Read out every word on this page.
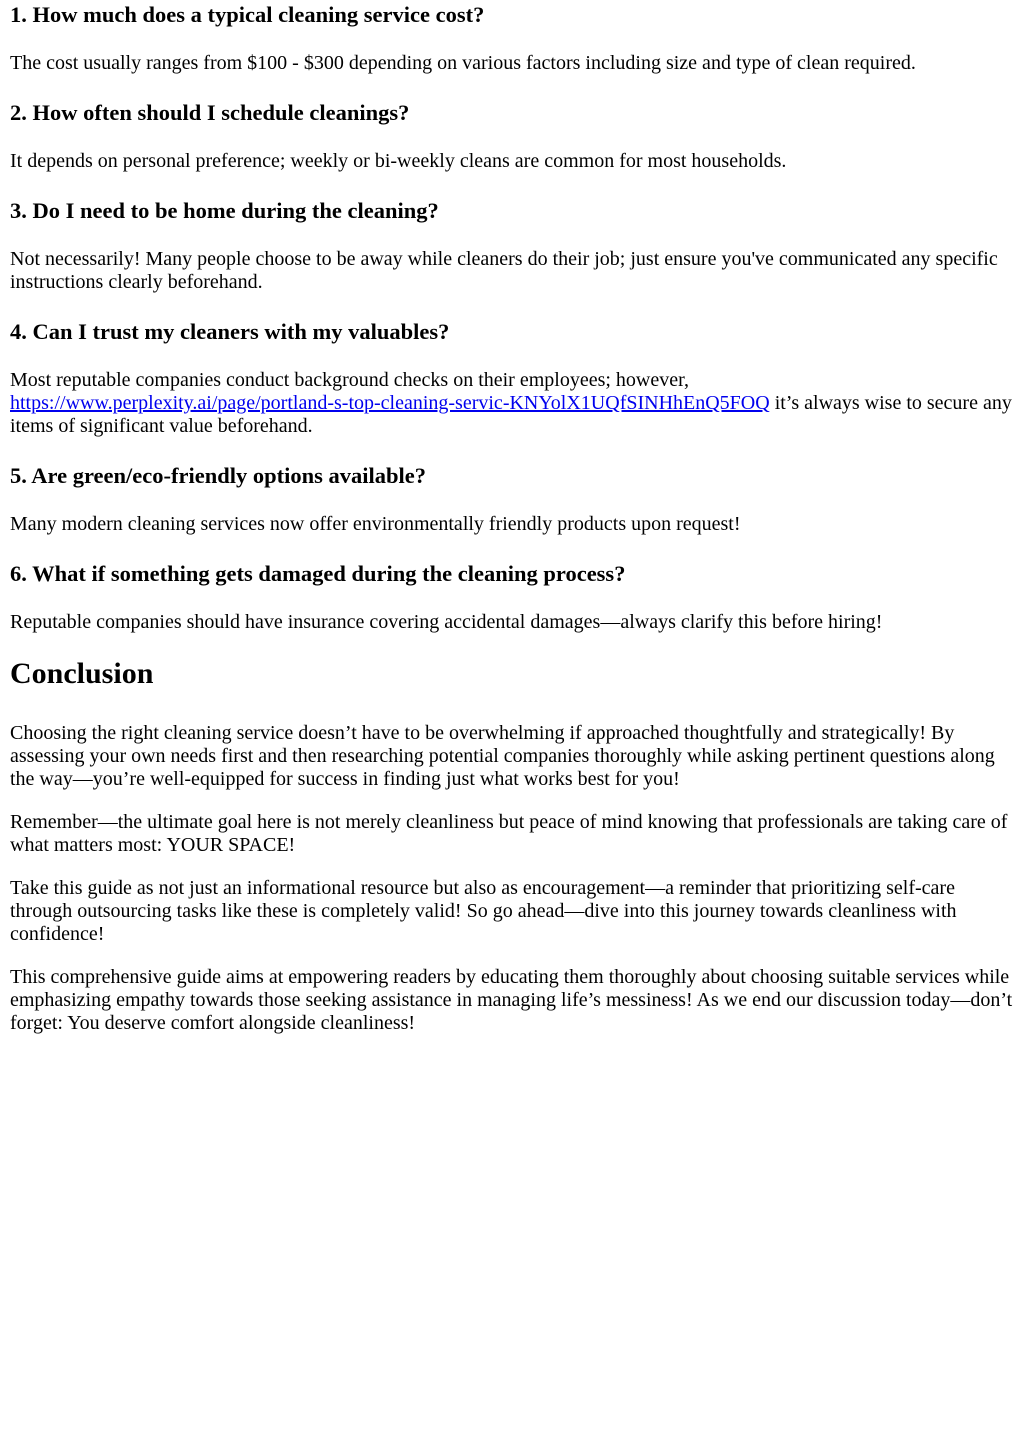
1. How much does a typical cleaning service cost?

The cost usually ranges from $100 - $300 depending on various factors including size and type of clean required.

2. How often should I schedule cleanings?

It depends on personal preference; weekly or bi-weekly cleans are common for most households.

3. Do I need to be home during the cleaning?

Not necessarily! Many people choose to be away while cleaners do their job; just ensure you've communicated any specific instructions clearly beforehand.

4. Can I trust my cleaners with my valuables?

Most reputable companies conduct background checks on their employees; however, https://www.perplexity.ai/page/portland-s-top-cleaning-servic-KNYolX1UQfSINHhEnQ5FOQ it’s always wise to secure any items of significant value beforehand.

5. Are green/eco-friendly options available?

Many modern cleaning services now offer environmentally friendly products upon request!

6. What if something gets damaged during the cleaning process?

Reputable companies should have insurance covering accidental damages—always clarify this before hiring!

Conclusion

Choosing the right cleaning service doesn’t have to be overwhelming if approached thoughtfully and strategically! By assessing your own needs first and then researching potential companies thoroughly while asking pertinent questions along the way—you’re well-equipped for success in finding just what works best for you!

Remember—the ultimate goal here is not merely cleanliness but peace of mind knowing that professionals are taking care of what matters most: YOUR SPACE!

Take this guide as not just an informational resource but also as encouragement—a reminder that prioritizing self-care through outsourcing tasks like these is completely valid! So go ahead—dive into this journey towards cleanliness with confidence!

This comprehensive guide aims at empowering readers by educating them thoroughly about choosing suitable services while emphasizing empathy towards those seeking assistance in managing life’s messiness! As we end our discussion today—don’t forget: You deserve comfort alongside cleanliness!
